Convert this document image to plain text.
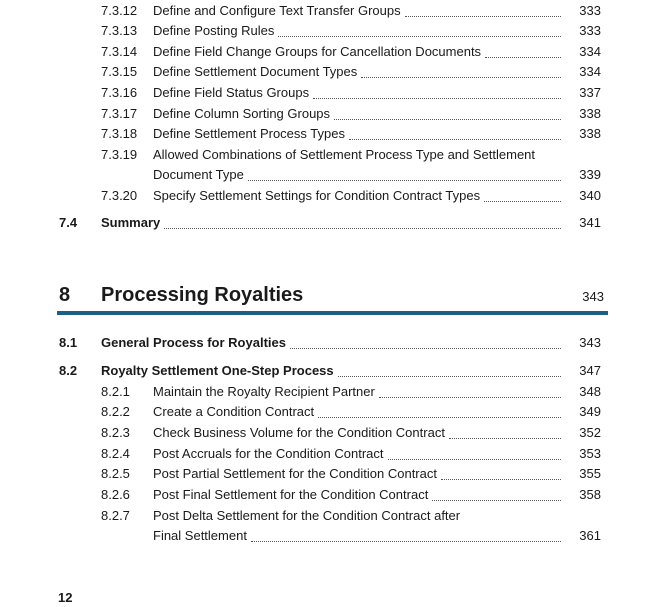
7.3.12 Define and Configure Text Transfer Groups	333
7.3.13 Define Posting Rules	333
7.3.14 Define Field Change Groups for Cancellation Documents	334
7.3.15 Define Settlement Document Types	334
7.3.16 Define Field Status Groups	337
7.3.17 Define Column Sorting Groups	338
7.3.18 Define Settlement Process Types	338
7.3.19 Allowed Combinations of Settlement Process Type and Settlement
Document Type	339
7.3.20 Specify Settlement Settings for Condition Contract Types	340
7.4 Summary	341
8 Processing Royalties	343
8.1 General Process for Royalties	343
8.2 Royalty Settlement One-Step Process	347
8.2.1 Maintain the Royalty Recipient Partner	348
8.2.2 Create a Condition Contract	349
8.2.3 Check Business Volume for the Condition Contract	352
8.2.4 Post Accruals for the Condition Contract	353
8.2.5 Post Partial Settlement for the Condition Contract	355
8.2.6 Post Final Settlement for the Condition Contract	358
8.2.7 Post Delta Settlement for the Condition Contract after
Final Settlement	361
12
